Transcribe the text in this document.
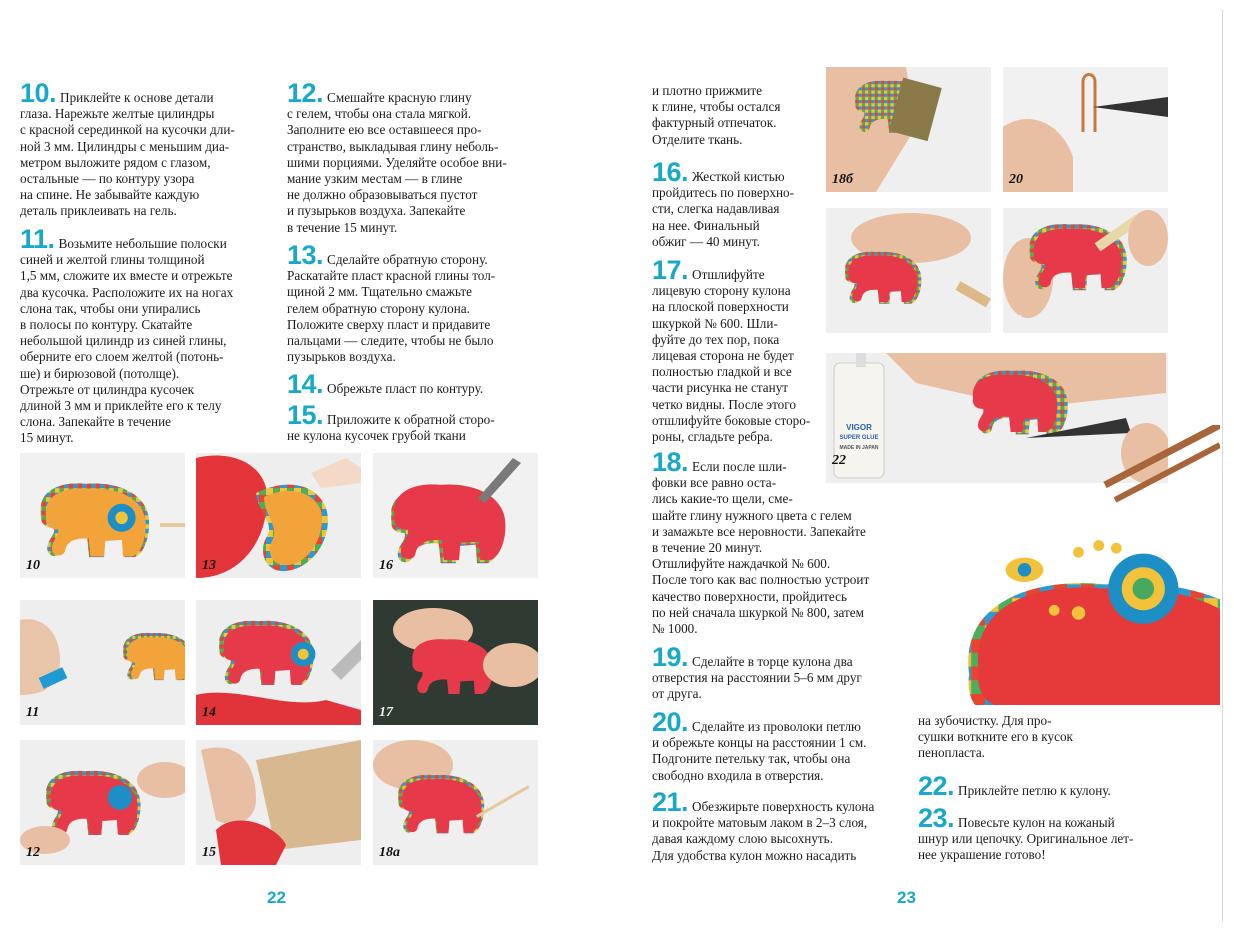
10. Приклейте к основе детали
глаза. Нарежьте желтые цилиндры
с красной серединкой на кусочки дли-
ной 3 мм. Цилиндры с меньшим диа-
метром выложите рядом с глазом,
остальные — по контуру узора
на спине. Не забывайте каждую
деталь приклеивать на гель.

11. Возьмите небольшие полоски
синей и желтой глины толщиной
1,5 мм, сложите их вместе и отрежьте
два кусочка. Расположите их на ногах
слона так, чтобы они упирались
в полосы по контуру. Скатайте
небольшой цилиндр из синей глины,
оберните его слоем желтой (потонь-
ше) и бирюзовой (потолще).
Отрежьте от цилиндра кусочек
длиной 3 мм и приклейте его к телу
слона. Запекайте в течение
15 минут.

12. Смешайте красную глину
с гелем, чтобы она стала мягкой.
Заполните ею все оставшееся про-
странство, выкладывая глину неболь-
шими порциями. Уделяйте особое вни-
мание узким местам — в глине
не должно образовываться пустот
и пузырьков воздуха. Запекайте
в течение 15 минут.

13. Сделайте обратную сторону.
Раскатайте пласт красной глины тол-
щиной 2 мм. Тщательно смажьте
гелем обратную сторону кулона.
Положите сверху пласт и придавите
пальцами — следите, чтобы не было
пузырьков воздуха.

14. Обрежьте пласт по контуру.

15. Приложите к обратной сторо-
не кулона кусочек грубой ткани

и плотно прижмите
к глине, чтобы остался
фактурный отпечаток.
Отделите ткань.

16. Жесткой кистью
пройдитесь по поверхно-
сти, слегка надавливая
на нее. Финальный
обжиг — 40 минут.

17. Отшлифуйте
лицевую сторону кулона
на плоской поверхности
шкуркой № 600. Шли-
фуйте до тех пор, пока
лицевая сторона не будет
полностью гладкой и все
части рисунка не станут
четко видны. После этого
отшлифуйте боковые сторо-
роны, сгладьте ребра.

18. Если после шли-
фовки все равно оста-
лись какие-то щели, сме-
шайте глину нужного цвета с гелем
и замажьте все неровности. Запекайте
в течение 20 минут.
Отшлифуйте наждачкой № 600.
После того как вас полностью устроит
качество поверхности, пройдитесь
по ней сначала шкуркой № 800, затем
№ 1000.

19. Сделайте в торце кулона два
отверстия на расстоянии 5–6 мм друг
от друга.

20. Сделайте из проволоки петлю
и обрежьте концы на расстоянии 1 см.
Подгоните петельку так, чтобы она
свободно входила в отверстия.

21. Обезжирьте поверхность кулона
и покройте матовым лаком в 2–3 слоя,
давая каждому слою высохнуть.
Для удобства кулон можно насадить

на зубочистку. Для про-
сушки воткните его в кусок
пенопласта.

22. Приклейте петлю к кулону.

23. Повесьте кулон на кожаный
шнур или цепочку. Оригинальное лет-
нее украшение готово!

10	13	16
11	14	17
12	15	18а
22
18б	20
19	21
VIGOR
SUPER GLUE
MADE IN JAPAN
22
23
